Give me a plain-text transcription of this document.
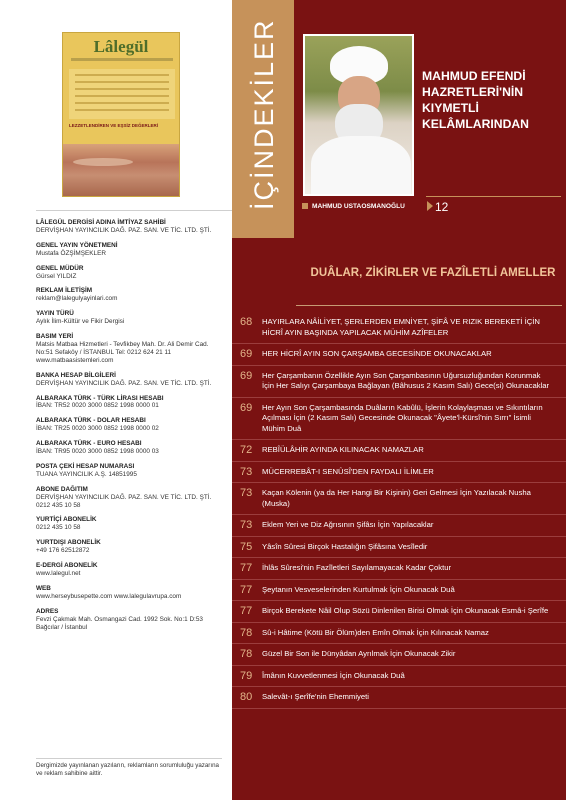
Lâlegül
LEZZETLENDİREN VE EŞSİZ DEĞERLERİ
LÂLEGÜL DERGİSİ ADINA İMTİYAZ SAHİBİ
DERVİŞHAN YAYINCILIK DAĞ. PAZ. SAN. VE TİC. LTD. ŞTİ.
GENEL YAYIN YÖNETMENİ
Mustafa ÖZŞİMŞEKLER
GENEL MÜDÜR
Gürsel YILDIZ
REKLAM İLETİŞİM
reklam@lalegulyayinlari.com
YAYIN TÜRÜ
Aylık İlim-Kültür ve Fikir Dergisi
BASIM YERİ
Matsis Matbaa Hizmetleri - Tevfikbey Mah. Dr. Ali Demir Cad. No:51 Sefaköy / İSTANBUL Tel: 0212 624 21 11 www.matbaasistemleri.com
BANKA HESAP BİLGİLERİ
DERVİŞHAN YAYINCILIK DAĞ. PAZ. SAN. VE TİC. LTD. ŞTİ.
ALBARAKA TÜRK - TÜRK LİRASI HESABI
İBAN: TR52 0020 3000 0852 1998 0000 01
ALBARAKA TÜRK - DOLAR HESABI
İBAN: TR25 0020 3000 0852 1998 0000 02
ALBARAKA TÜRK - EURO HESABI
İBAN: TR95 0020 3000 0852 1998 0000 03
POSTA ÇEKİ HESAP NUMARASI
TUANA YAYINCILIK A.Ş. 14851995
ABONE DAĞITIM
DERVİŞHAN YAYINCILIK DAĞ. PAZ. SAN. VE TİC. LTD. ŞTİ. 0212 435 10 58
YURTİÇİ ABONELİK
0212 435 10 58
YURTDIŞI ABONELİK
+49 176 62512872
E-DERGİ ABONELİK
www.lalegul.net
WEB
www.herseybusepette.com www.lalegulavrupa.com
ADRES
Fevzi Çakmak Mah. Osmangazi Cad. 1992 Sok. No:1 D:53 Bağcılar / İstanbul
Dergimizde yayınlanan yazıların, reklamların sorumluluğu yazarına ve reklam sahibine aittir.
İÇİNDEKİLER	MAHMUD EFENDİ HAZRETLERİ'NİN KIYMETLİ KELÂMLARINDAN
MAHMUD USTAOSMANOĞLU	12
DUÂLAR, ZİKİRLER VE FAZÎLETLİ AMELLER
68	HAYIRLARA NÂİLİYET, ŞERLERDEN EMNİYET, ŞİFÂ VE RIZIK BEREKETİ İÇİN HİCRÎ AYIN BAŞINDA YAPILACAK MÜHİM AZÎFELER
69	HER HİCRÎ AYIN SON ÇARŞAMBA GECESİNDE OKUNACAKLAR
69	Her Çarşambanın Özellikle Ayın Son Çarşambasının Uğursuzluğundan Korunmak İçin Her Salıyı Çarşambaya Bağlayan (Bâhusus 2 Kasım Salı) Gece(si) Okunacaklar
69	Her Ayın Son Çarşambasında Duâların Kabûlü, İşlerin Kolaylaşması ve Sıkıntıların Açılması İçin (2 Kasım Salı) Gecesinde Okunacak "Âyete'l-Kürsî'nin Sırrı" İsimli Mühim Duâ
72	REBÎÜLÂHİR AYINDA KILINACAK NAMAZLAR
73	MÜCERREBÂT-I SENÛSÎ'DEN FAYDALI İLİMLER
73	Kaçan Kölenin (ya da Her Hangi Bir Kişinin) Geri Gelmesi İçin Yazılacak Nusha (Muska)
73	Eklem Yeri ve Diz Ağrısının Şifâsı İçin Yapılacaklar
75	Yâsîn Sûresi Birçok Hastalığın Şifâsına Vesîledir
77	İhlâs Sûresi'nin Fazîletleri Sayılamayacak Kadar Çoktur
77	Şeytanın Vesveselerinden Kurtulmak İçin Okunacak Duâ
77	Birçok Berekete Nâil Olup Sözü Dinlenilen Birisi Olmak İçin Okunacak Esmâ-i Şerîfe
78	Sû-i Hâtime (Kötü Bir Ölüm)den Emîn Olmak İçin Kılınacak Namaz
78	Güzel Bir Son ile Dünyâdan Ayrılmak İçin Okunacak Zikir
79	Îmânın Kuvvetlenmesi İçin Okunacak Duâ
80	Salevât-ı Şerîfe'nin Ehemmiyeti
